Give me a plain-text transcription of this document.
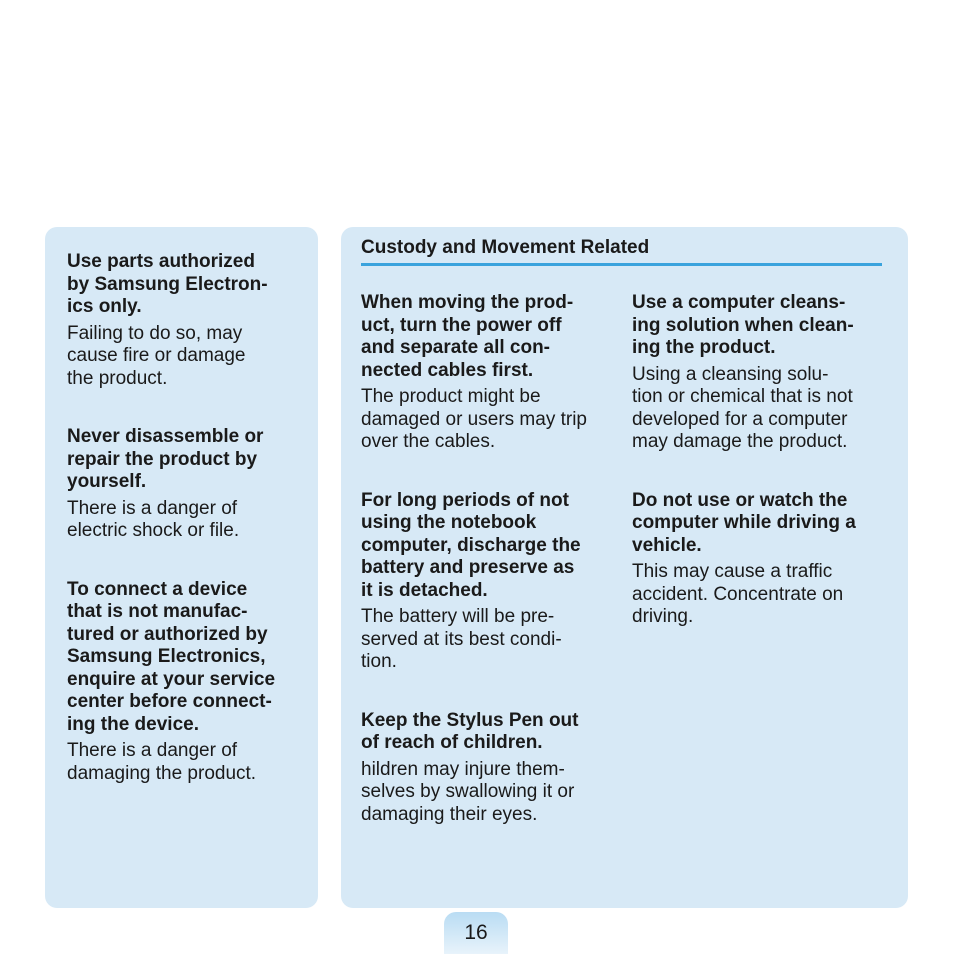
Use parts authorized
by Samsung Electron-
ics only.

Failing to do so, may
cause fire or damage
the product.

Never disassemble or
repair the product by
yourself.

There is a danger of
electric shock or file.

To connect a device
that is not manufac-
tured or authorized by
Samsung Electronics,
enquire at your service
center before connect-
ing the device.

There is a danger of
damaging the product.

Custody and Movement Related

When moving the prod-
uct, turn the power off
and separate all con-
nected cables first.

The product might be
damaged or users may trip
over the cables.

For long periods of not
using the notebook
computer, discharge the
battery and preserve as
it is detached.

The battery will be pre-
served at its best condi-
tion.

Keep the Stylus Pen out
of reach of children.

hildren may injure them-
selves by swallowing it or
damaging their eyes.

Use a computer cleans-
ing solution when clean-
ing the product.

Using a cleansing solu-
tion or chemical that is not
developed for a computer
may damage the product.

Do not use or watch the
computer while driving a
vehicle.

This may cause a traffic
accident. Concentrate on
driving.

16
